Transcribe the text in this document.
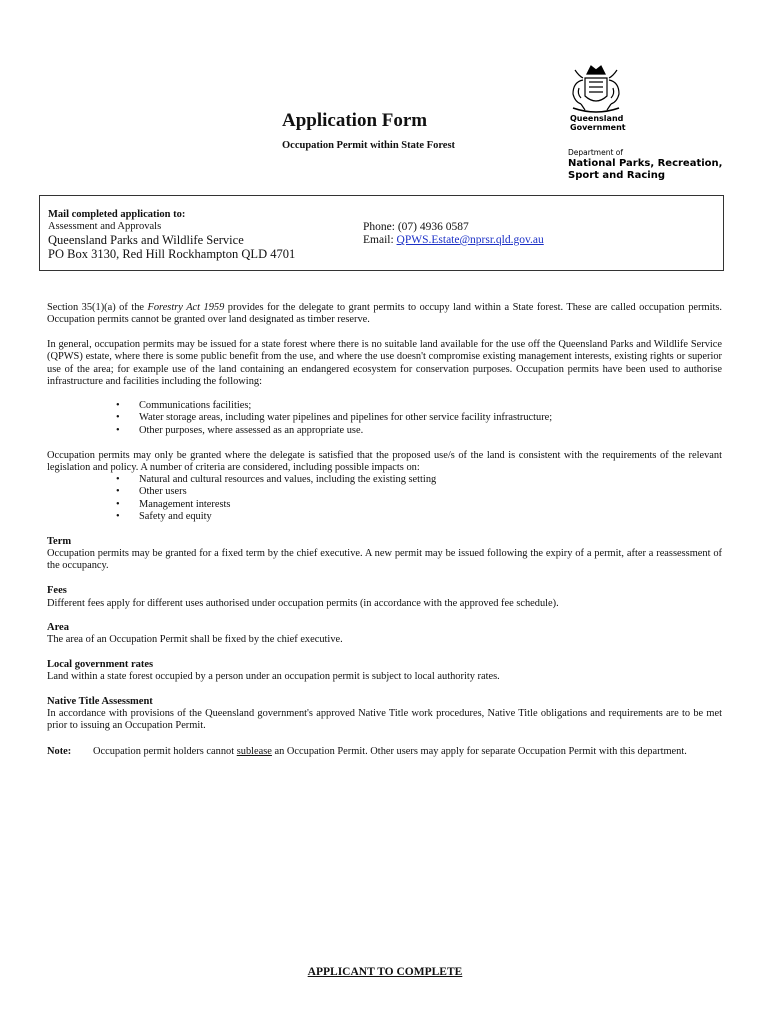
Application Form
Occupation Permit within State Forest
Queensland
Government
Department of
National Parks, Recreation, Sport and Racing
Mail completed application to:
Assessment and Approvals
Queensland Parks and Wildlife Service
PO Box 3130, Red Hill Rockhampton QLD 4701
Phone: (07) 4936 0587
Email: QPWS.Estate@nprsr.qld.gov.au

Section 35(1)(a) of the Forestry Act 1959 provides for the delegate to grant permits to occupy land within a State forest. These are called occupation permits. Occupation permits cannot be granted over land designated as timber reserve.

In general, occupation permits may be issued for a state forest where there is no suitable land available for the use off the Queensland Parks and Wildlife Service (QPWS) estate, where there is some public benefit from the use, and where the use doesn't compromise existing management interests, existing rights or superior use of the area; for example use of the land containing an endangered ecosystem for conservation purposes. Occupation permits have been used to authorise infrastructure and facilities including the following:
• Communications facilities;
• Water storage areas, including water pipelines and pipelines for other service facility infrastructure;
• Other purposes, where assessed as an appropriate use.
Occupation permits may only be granted where the delegate is satisfied that the proposed use/s of the land is consistent with the requirements of the relevant legislation and policy. A number of criteria are considered, including possible impacts on:
• Natural and cultural resources and values, including the existing setting
• Other users
• Management interests
• Safety and equity
Term
Occupation permits may be granted for a fixed term by the chief executive. A new permit may be issued following the expiry of a permit, after a reassessment of the occupancy.
Fees
Different fees apply for different uses authorised under occupation permits (in accordance with the approved fee schedule).
Area
The area of an Occupation Permit shall be fixed by the chief executive.
Local government rates
Land within a state forest occupied by a person under an occupation permit is subject to local authority rates.
Native Title Assessment
In accordance with provisions of the Queensland government's approved Native Title work procedures, Native Title obligations and requirements are to be met prior to issuing an Occupation Permit.
Note: Occupation permit holders cannot sublease an Occupation Permit. Other users may apply for separate Occupation Permit with this department.
APPLICANT TO COMPLETE
